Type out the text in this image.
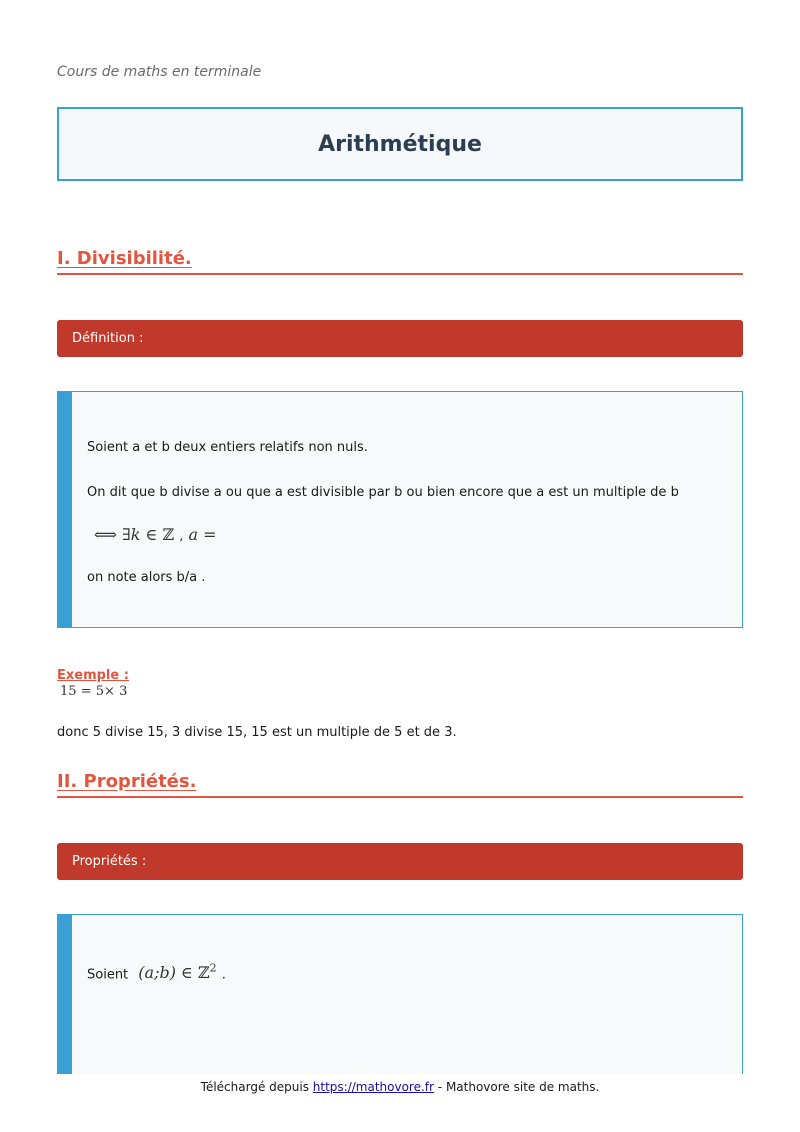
Cours de maths en terminale
Arithmétique
I. Divisibilité.
Définition :

Soient a et b deux entiers relatifs non nuls.

On dit que b divise a ou que a est divisible par b ou bien encore que a est un multiple de b

⟺ ∃k ∈ ℤ , a =

on note alors b/a .

Exemple :
15 = 5× 3
donc 5 divise 15, 3 divise 15, 15 est un multiple de 5 et de 3.
II. Propriétés.
Propriétés :

Soient (a;b) ∈ ℤ$^2$ .

Téléchargé depuis https://mathovore.fr - Mathovore site de maths.
